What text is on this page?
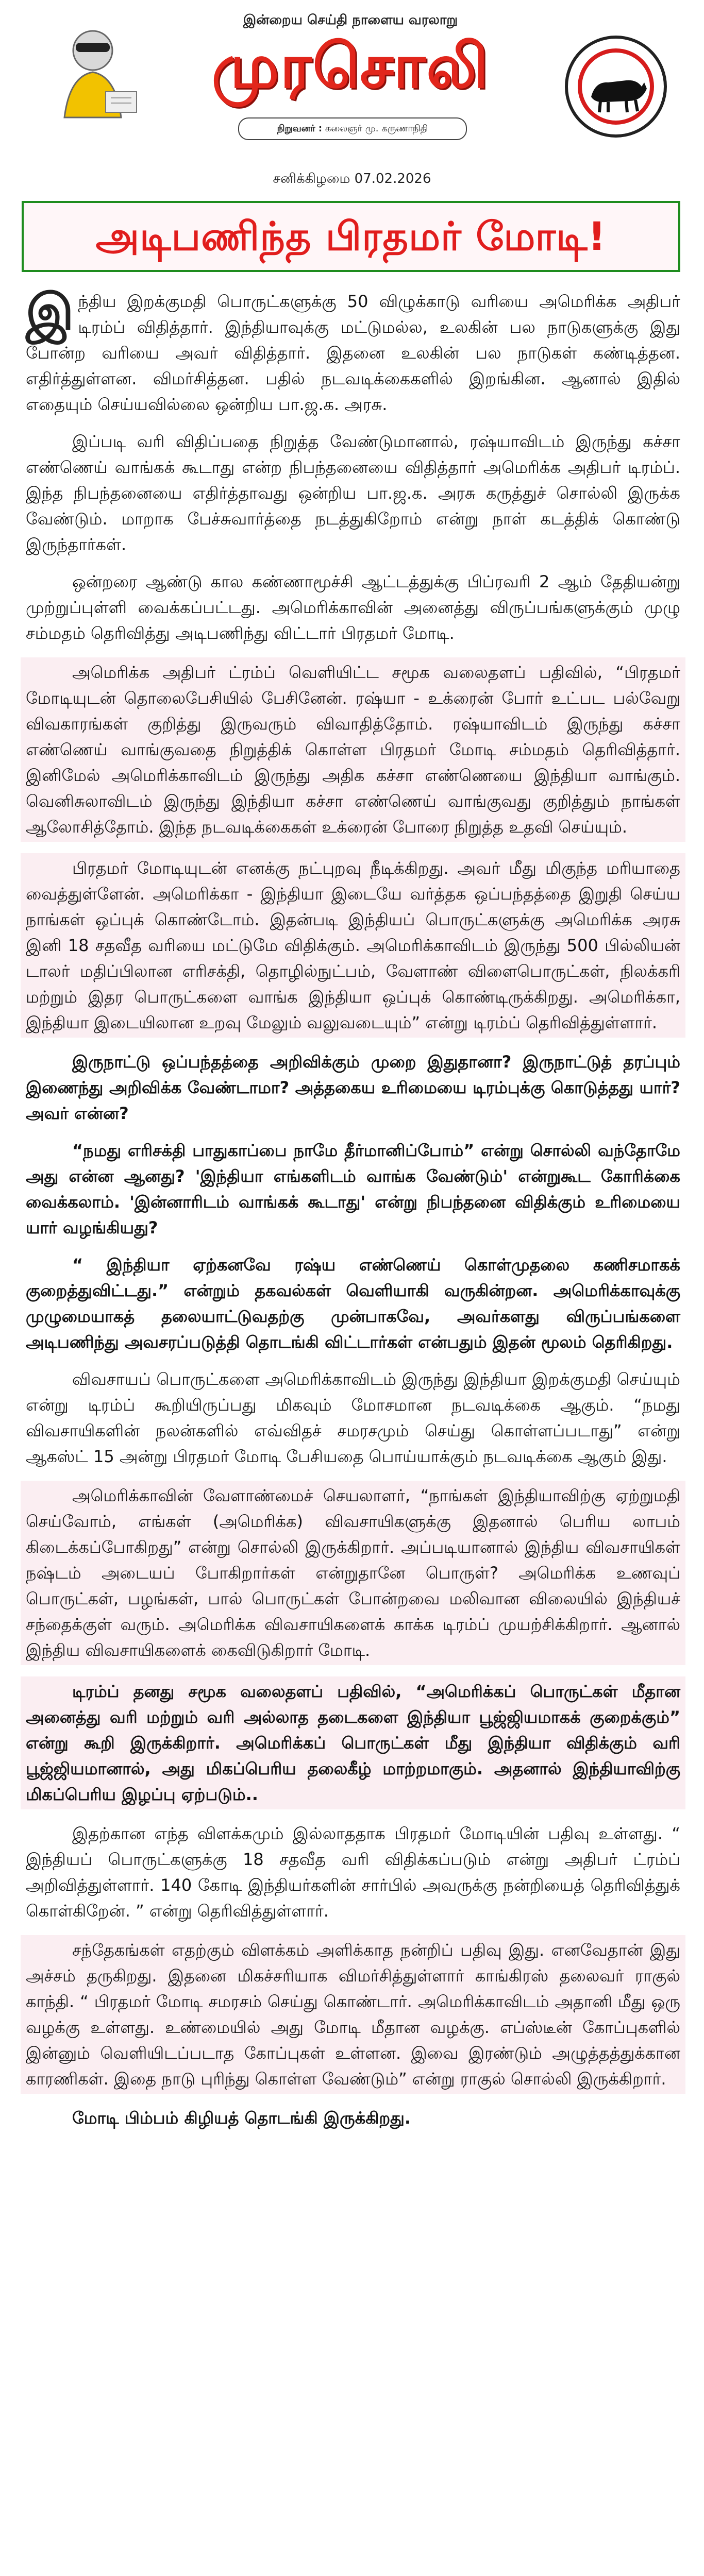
இன்றைய செய்தி நாளைய வரலாறு
முரசொலி
நிறுவனர் : கலைஞர் மு. கருணாநிதி
சனிக்கிழமை 07.02.2026
அடிபணிந்த பிரதமர் மோடி!

இந்திய இறக்குமதி பொருட்களுக்கு 50 விழுக்காடு வரியை அமெரிக்க அதிபர் டிரம்ப் விதித்தார். இந்தியாவுக்கு மட்டுமல்ல, உலகின் பல நாடுகளுக்கு இது போன்ற வரியை அவர் விதித்தார். இதனை உலகின் பல நாடுகள் கண்டித்தன. எதிர்த்துள்ளன. விமர்சித்தன. பதில் நடவடிக்கைகளில் இறங்கின. ஆனால் இதில் எதையும் செய்யவில்லை ஒன்றிய பா.ஜ.க. அரசு.

இப்படி வரி விதிப்பதை நிறுத்த வேண்டுமானால், ரஷ்யாவிடம் இருந்து கச்சா எண்ணெய் வாங்கக் கூடாது என்ற நிபந்தனையை விதித்தார் அமெரிக்க அதிபர் டிரம்ப். இந்த நிபந்தனையை எதிர்த்தாவது ஒன்றிய பா.ஜ.க. அரசு கருத்துச் சொல்லி இருக்க வேண்டும். மாறாக பேச்சுவார்த்தை நடத்துகிறோம் என்று நாள் கடத்திக் கொண்டு இருந்தார்கள்.

ஒன்றரை ஆண்டு கால கண்ணாமூச்சி ஆட்டத்துக்கு பிப்ரவரி 2 ஆம் தேதியன்று முற்றுப்புள்ளி வைக்கப்பட்டது. அமெரிக்காவின் அனைத்து விருப்பங்களுக்கும் முழு சம்மதம் தெரிவித்து அடிபணிந்து விட்டார் பிரதமர் மோடி.

அமெரிக்க அதிபர் ட்ரம்ப் வெளியிட்ட சமூக வலைதளப் பதிவில், “பிரதமர் மோடியுடன் தொலைபேசியில் பேசினேன். ரஷ்யா - உக்ரைன் போர் உட்பட பல்வேறு விவகாரங்கள் குறித்து இருவரும் விவாதித்தோம். ரஷ்யாவிடம் இருந்து கச்சா எண்ணெய் வாங்குவதை நிறுத்திக் கொள்ள பிரதமர் மோடி சம்மதம் தெரிவித்தார். இனிமேல் அமெரிக்காவிடம் இருந்து அதிக கச்சா எண்ணெயை இந்தியா வாங்கும். வெனிசுலாவிடம் இருந்து இந்தியா கச்சா எண்ணெய் வாங்குவது குறித்தும் நாங்கள் ஆலோசித்தோம். இந்த நடவடிக்கைகள் உக்ரைன் போரை நிறுத்த உதவி செய்யும்.

பிரதமர் மோடியுடன் எனக்கு நட்புறவு நீடிக்கிறது. அவர் மீது மிகுந்த மரியாதை வைத்துள்ளேன். அமெரிக்கா - இந்தியா இடையே வர்த்தக ஒப்பந்தத்தை இறுதி செய்ய நாங்கள் ஒப்புக் கொண்டோம். இதன்படி இந்தியப் பொருட்களுக்கு அமெரிக்க அரசு இனி 18 சதவீத வரியை மட்டுமே விதிக்கும். அமெரிக்காவிடம் இருந்து 500 பில்லியன் டாலர் மதிப்பிலான எரிசக்தி, தொழில்நுட்பம், வேளாண் விளைபொருட்கள், நிலக்கரி மற்றும் இதர பொருட்களை வாங்க இந்தியா ஒப்புக் கொண்டிருக்கிறது. அமெரிக்கா, இந்தியா இடையிலான உறவு மேலும் வலுவடையும்” என்று டிரம்ப் தெரிவித்துள்ளார்.

இருநாட்டு ஒப்பந்தத்தை அறிவிக்கும் முறை இதுதானா? இருநாட்டுத் தரப்பும் இணைந்து அறிவிக்க வேண்டாமா? அத்தகைய உரிமையை டிரம்புக்கு கொடுத்தது யார்? அவர் என்ன?

“நமது எரிசக்தி பாதுகாப்பை நாமே தீர்மானிப்போம்” என்று சொல்லி வந்தோமே அது என்ன ஆனது? 'இந்தியா எங்களிடம் வாங்க வேண்டும்' என்றுகூட கோரிக்கை வைக்கலாம். 'இன்னாரிடம் வாங்கக் கூடாது' என்று நிபந்தனை விதிக்கும் உரிமையை யார் வழங்கியது?

“ இந்தியா ஏற்கனவே ரஷ்ய எண்ணெய் கொள்முதலை கணிசமாகக் குறைத்துவிட்டது.” என்றும் தகவல்கள் வெளியாகி வருகின்றன. அமெரிக்காவுக்கு முழுமையாகத் தலையாட்டுவதற்கு முன்பாகவே, அவர்களது விருப்பங்களை அடிபணிந்து அவசரப்படுத்தி தொடங்கி விட்டார்கள் என்பதும் இதன் மூலம் தெரிகிறது.

விவசாயப் பொருட்களை அமெரிக்காவிடம் இருந்து இந்தியா இறக்குமதி செய்யும் என்று டிரம்ப் கூறியிருப்பது மிகவும் மோசமான நடவடிக்கை ஆகும். “நமது விவசாயிகளின் நலன்களில் எவ்விதச் சமரசமும் செய்து கொள்ளப்படாது” என்று ஆகஸ்ட் 15 அன்று பிரதமர் மோடி பேசியதை பொய்யாக்கும் நடவடிக்கை ஆகும் இது.

அமெரிக்காவின் வேளாண்மைச் செயலாளர், “நாங்கள் இந்தியாவிற்கு ஏற்றுமதி செய்வோம், எங்கள் (அமெரிக்க) விவசாயிகளுக்கு இதனால் பெரிய லாபம் கிடைக்கப்போகிறது” என்று சொல்லி இருக்கிறார். அப்படியானால் இந்திய விவசாயிகள் நஷ்டம் அடையப் போகிறார்கள் என்றுதானே பொருள்? அமெரிக்க உணவுப் பொருட்கள், பழங்கள், பால் பொருட்கள் போன்றவை மலிவான விலையில் இந்தியச் சந்தைக்குள் வரும். அமெரிக்க விவசாயிகளைக் காக்க டிரம்ப் முயற்சிக்கிறார். ஆனால் இந்திய விவசாயிகளைக் கைவிடுகிறார் மோடி.

டிரம்ப் தனது சமூக வலைதளப் பதிவில், “அமெரிக்கப் பொருட்கள் மீதான அனைத்து வரி மற்றும் வரி அல்லாத தடைகளை இந்தியா பூஜ்ஜியமாகக் குறைக்கும்” என்று கூறி இருக்கிறார். அமெரிக்கப் பொருட்கள் மீது இந்தியா விதிக்கும் வரி பூஜ்ஜியமானால், அது மிகப்பெரிய தலைகீழ் மாற்றமாகும். அதனால் இந்தியாவிற்கு மிகப்பெரிய இழப்பு ஏற்படும்..

இதற்கான எந்த விளக்கமும் இல்லாததாக பிரதமர் மோடியின் பதிவு உள்ளது. “ இந்தியப் பொருட்களுக்கு 18 சதவீத வரி விதிக்கப்படும் என்று அதிபர் ட்ரம்ப் அறிவித்துள்ளார். 140 கோடி இந்தியர்களின் சார்பில் அவருக்கு நன்றியைத் தெரிவித்துக் கொள்கிறேன். ” என்று தெரிவித்துள்ளார்.

சந்தேகங்கள் எதற்கும் விளக்கம் அளிக்காத நன்றிப் பதிவு இது. எனவேதான் இது அச்சம் தருகிறது. இதனை மிகச்சரியாக விமர்சித்துள்ளார் காங்கிரஸ் தலைவர் ராகுல் காந்தி. “ பிரதமர் மோடி சமரசம் செய்து கொண்டார். அமெரிக்காவிடம் அதானி மீது ஒரு வழக்கு உள்ளது. உண்மையில் அது மோடி மீதான வழக்கு. எப்ஸ்டீன் கோப்புகளில் இன்னும் வெளியிடப்படாத கோப்புகள் உள்ளன. இவை இரண்டும் அழுத்தத்துக்கான காரணிகள். இதை நாடு புரிந்து கொள்ள வேண்டும்” என்று ராகுல் சொல்லி இருக்கிறார்.

மோடி பிம்பம் கிழியத் தொடங்கி இருக்கிறது.
